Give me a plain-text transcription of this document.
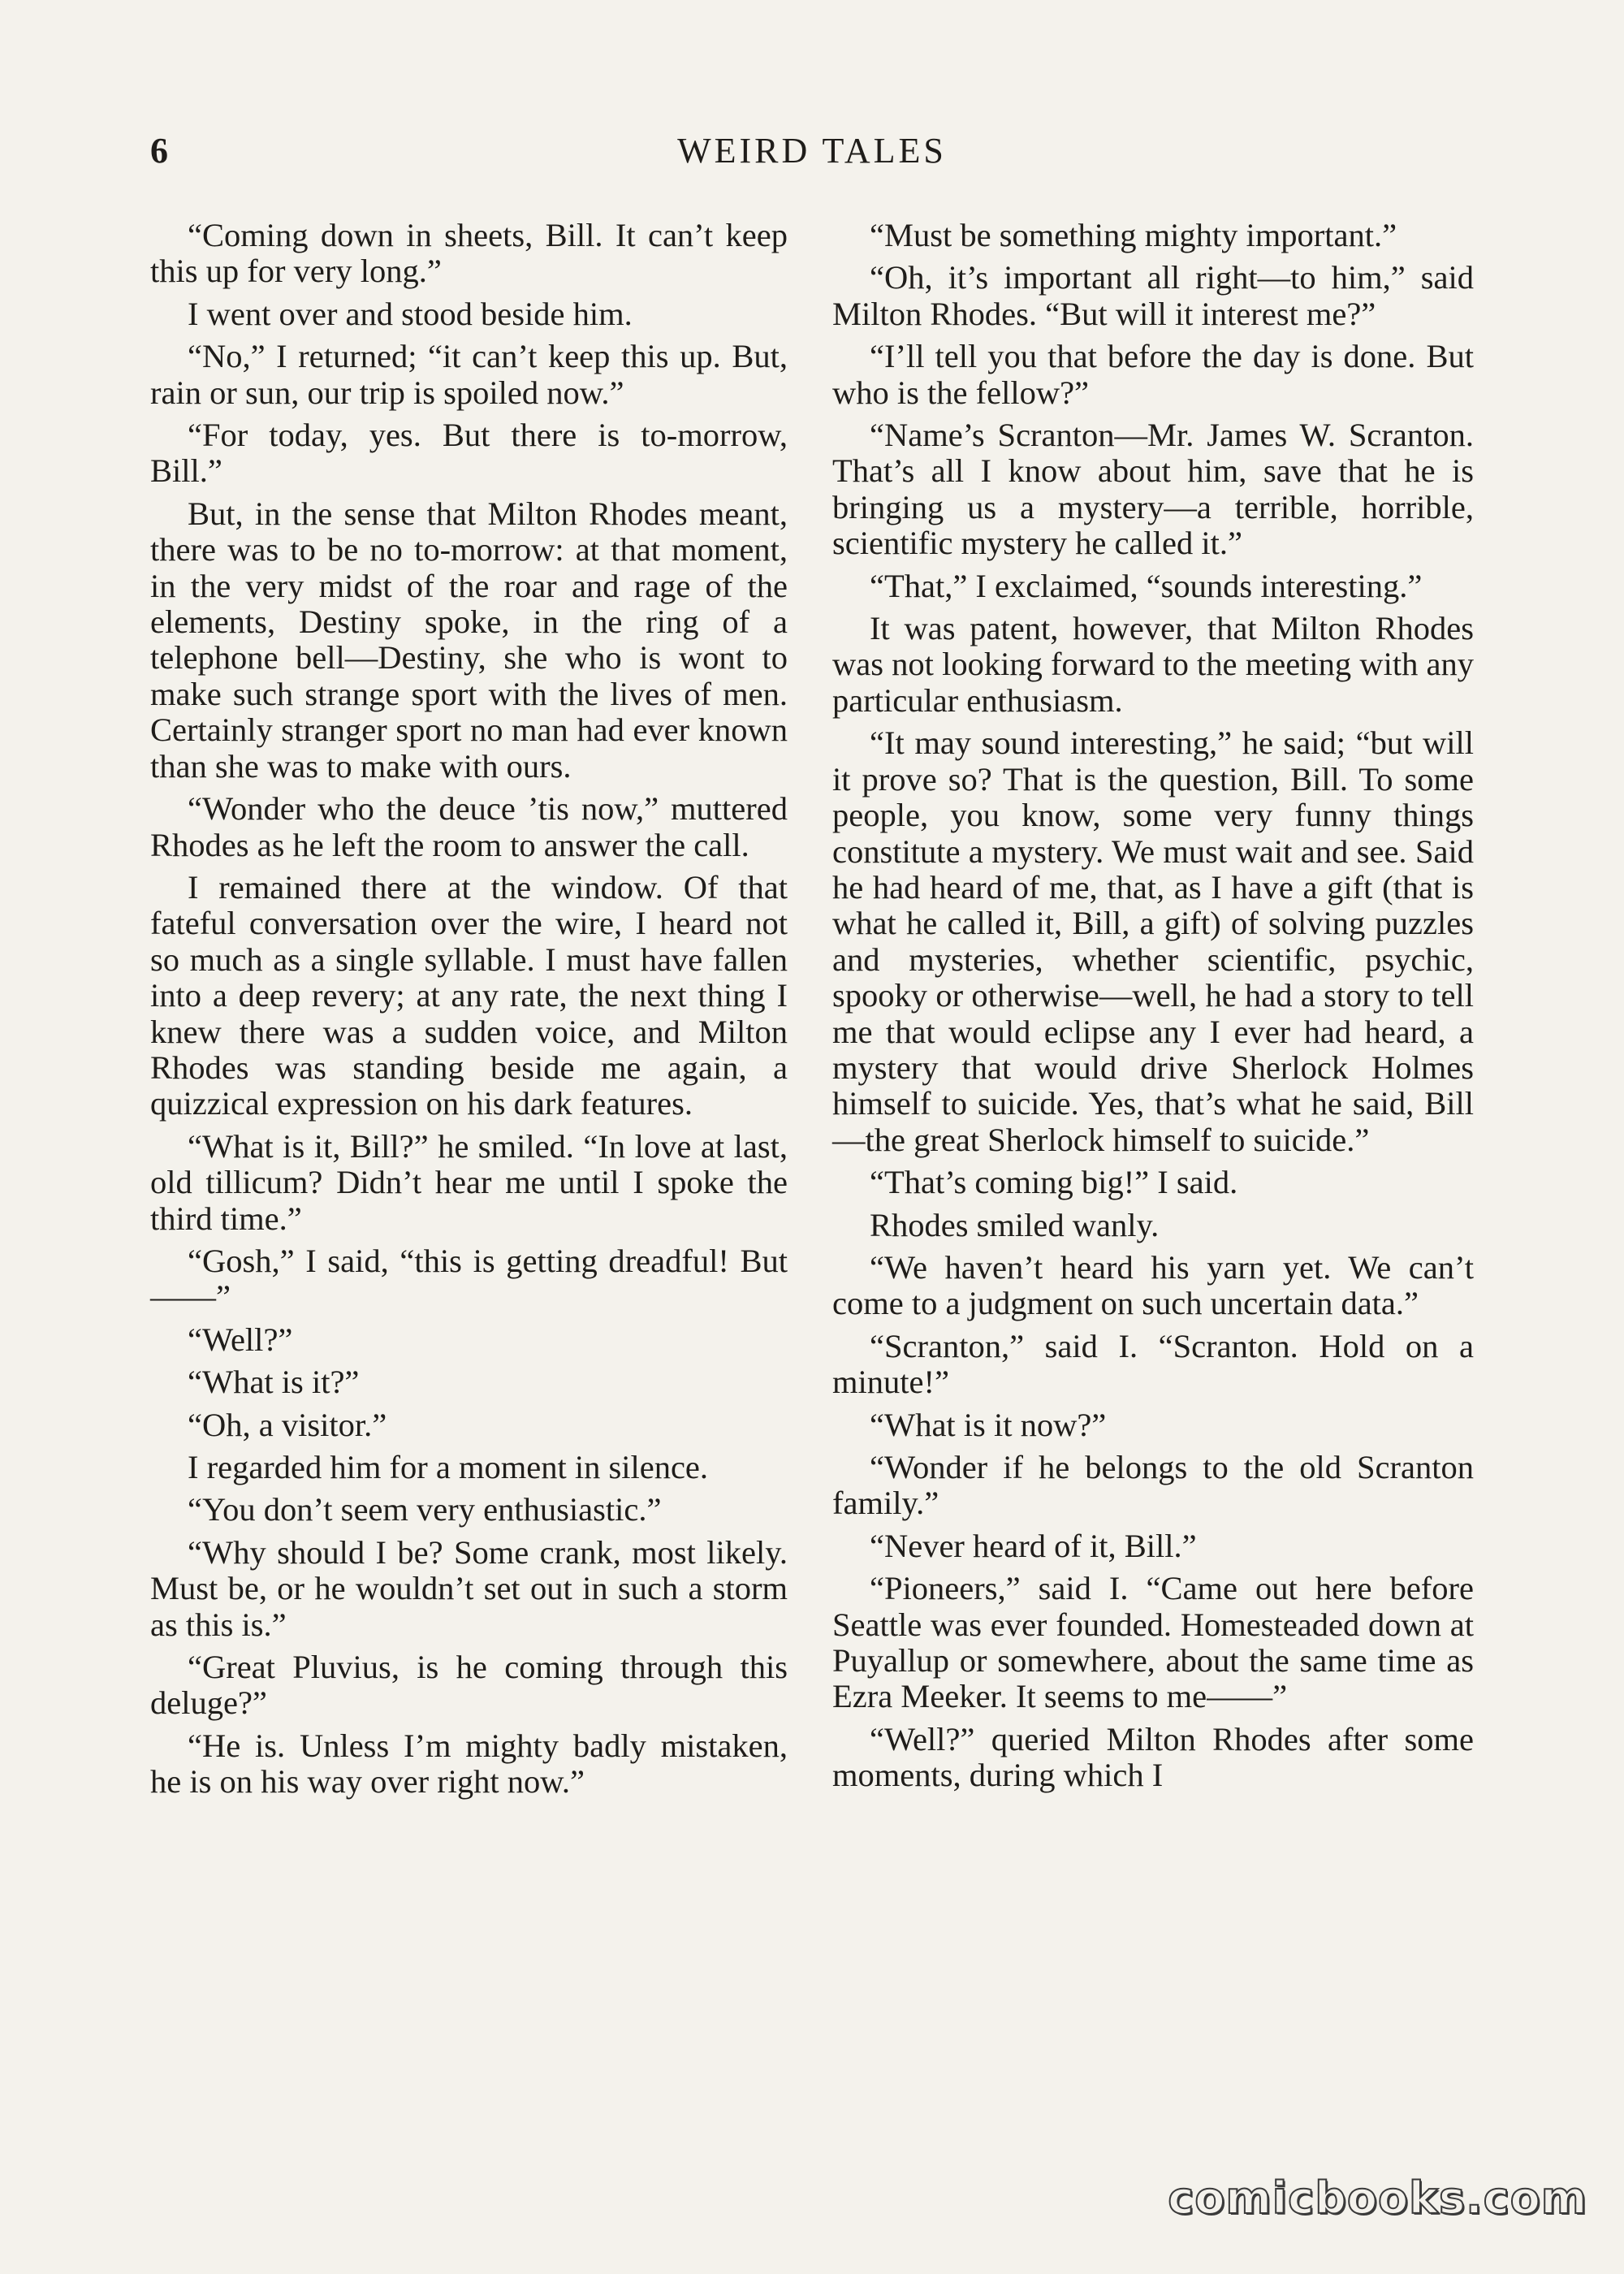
6	WEIRD TALES

“Coming down in sheets, Bill. It can’t keep this up for very long.”

I went over and stood beside him.

“No,” I returned; “it can’t keep this up. But, rain or sun, our trip is spoiled now.”

“For today, yes. But there is to-morrow, Bill.”

But, in the sense that Milton Rhodes meant, there was to be no to-morrow: at that moment, in the very midst of the roar and rage of the elements, Destiny spoke, in the ring of a telephone bell—Destiny, she who is wont to make such strange sport with the lives of men. Certainly stranger sport no man had ever known than she was to make with ours.

“Wonder who the deuce ’tis now,” muttered Rhodes as he left the room to answer the call.

I remained there at the window. Of that fateful conversation over the wire, I heard not so much as a single syllable. I must have fallen into a deep revery; at any rate, the next thing I knew there was a sudden voice, and Milton Rhodes was standing beside me again, a quizzical expression on his dark features.

“What is it, Bill?” he smiled. “In love at last, old tillicum? Didn’t hear me until I spoke the third time.”

“Gosh,” I said, “this is getting dreadful! But——”

“Well?”

“What is it?”

“Oh, a visitor.”

I regarded him for a moment in silence.

“You don’t seem very enthusiastic.”

“Why should I be? Some crank, most likely. Must be, or he wouldn’t set out in such a storm as this is.”

“Great Pluvius, is he coming through this deluge?”

“He is. Unless I’m mighty badly mistaken, he is on his way over right now.”

“Must be something mighty important.”

“Oh, it’s important all right—to him,” said Milton Rhodes. “But will it interest me?”

“I’ll tell you that before the day is done. But who is the fellow?”

“Name’s Scranton—Mr. James W. Scranton. That’s all I know about him, save that he is bringing us a mystery—a terrible, horrible, scientific mystery he called it.”

“That,” I exclaimed, “sounds interesting.”

It was patent, however, that Milton Rhodes was not looking forward to the meeting with any particular enthusiasm.

“It may sound interesting,” he said; “but will it prove so? That is the question, Bill. To some people, you know, some very funny things constitute a mystery. We must wait and see. Said he had heard of me, that, as I have a gift (that is what he called it, Bill, a gift) of solving puzzles and mysteries, whether scientific, psychic, spooky or otherwise—well, he had a story to tell me that would eclipse any I ever had heard, a mystery that would drive Sherlock Holmes himself to suicide. Yes, that’s what he said, Bill—the great Sherlock himself to suicide.”

“That’s coming big!” I said.

Rhodes smiled wanly.

“We haven’t heard his yarn yet. We can’t come to a judgment on such uncertain data.”

“Scranton,” said I. “Scranton. Hold on a minute!”

“What is it now?”

“Wonder if he belongs to the old Scranton family.”

“Never heard of it, Bill.”

“Pioneers,” said I. “Came out here before Seattle was ever founded. Homesteaded down at Puyallup or somewhere, about the same time as Ezra Meeker. It seems to me——”

“Well?” queried Milton Rhodes after some moments, during which I

comicbooks.com
